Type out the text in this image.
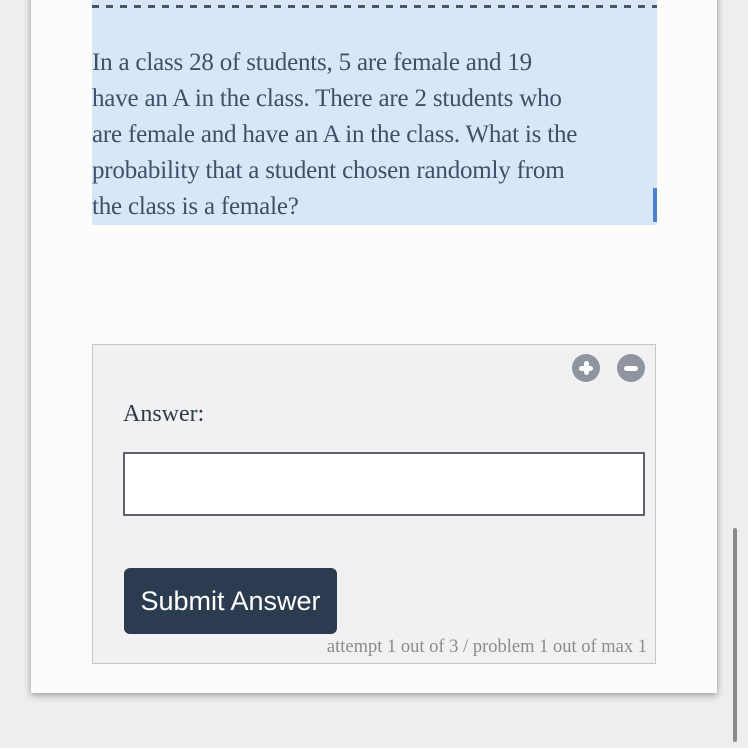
In a class 28 of students, 5 are female and 19
have an A in the class. There are 2 students who
are female and have an A in the class. What is the
probability that a student chosen randomly from
the class is a female?
Answer:
Submit Answer
attempt 1 out of 3 / problem 1 out of max 1
